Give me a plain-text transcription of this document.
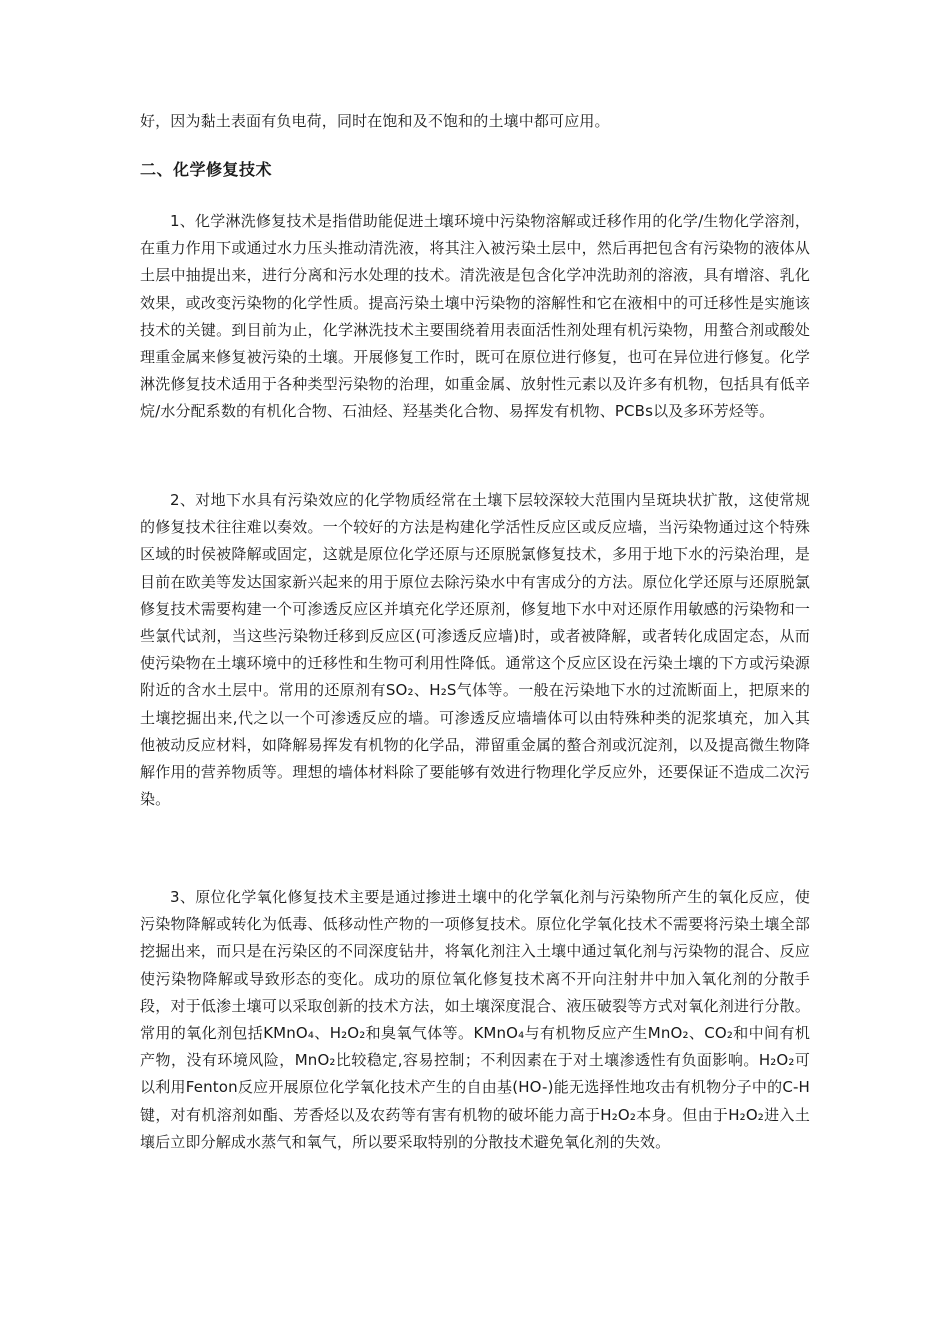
好，因为黏土表面有负电荷，同时在饱和及不饱和的土壤中都可应用。

二、化学修复技术

1、化学淋洗修复技术是指借助能促进土壤环境中污染物溶解或迁移作用的化学/生物化学溶剂，在重力作用下或通过水力压头推动清洗液，将其注入被污染土层中，然后再把包含有污染物的液体从土层中抽提出来，进行分离和污水处理的技术。清洗液是包含化学冲洗助剂的溶液，具有增溶、乳化效果，或改变污染物的化学性质。提高污染土壤中污染物的溶解性和它在液相中的可迁移性是实施该技术的关键。到目前为止，化学淋洗技术主要围绕着用表面活性剂处理有机污染物，用螯合剂或酸处理重金属来修复被污染的土壤。开展修复工作时，既可在原位进行修复，也可在异位进行修复。化学淋洗修复技术适用于各种类型污染物的治理，如重金属、放射性元素以及许多有机物，包括具有低辛烷/水分配系数的有机化合物、石油烃、羟基类化合物、易挥发有机物、PCBs以及多环芳烃等。

2、对地下水具有污染效应的化学物质经常在土壤下层较深较大范围内呈斑块状扩散，这使常规的修复技术往往难以奏效。一个较好的方法是构建化学活性反应区或反应墙，当污染物通过这个特殊区域的时侯被降解或固定，这就是原位化学还原与还原脱氯修复技术，多用于地下水的污染治理，是目前在欧美等发达国家新兴起来的用于原位去除污染水中有害成分的方法。原位化学还原与还原脱氯修复技术需要构建一个可渗透反应区并填充化学还原剂，修复地下水中对还原作用敏感的污染物和一些氯代试剂，当这些污染物迁移到反应区(可渗透反应墙)时，或者被降解，或者转化成固定态，从而使污染物在土壤环境中的迁移性和生物可利用性降低。通常这个反应区设在污染土壤的下方或污染源附近的含水土层中。常用的还原剂有SO₂、H₂S气体等。一般在污染地下水的过流断面上，把原来的土壤挖掘出来,代之以一个可渗透反应的墙。可渗透反应墙墙体可以由特殊种类的泥浆填充，加入其他被动反应材料，如降解易挥发有机物的化学品，滞留重金属的螯合剂或沉淀剂，以及提高微生物降解作用的营养物质等。理想的墙体材料除了要能够有效进行物理化学反应外，还要保证不造成二次污染。

3、原位化学氧化修复技术主要是通过掺进土壤中的化学氧化剂与污染物所产生的氧化反应，使污染物降解或转化为低毒、低移动性产物的一项修复技术。原位化学氧化技术不需要将污染土壤全部挖掘出来，而只是在污染区的不同深度钻井，将氧化剂注入土壤中通过氧化剂与污染物的混合、反应使污染物降解或导致形态的变化。成功的原位氧化修复技术离不开向注射井中加入氧化剂的分散手段，对于低渗土壤可以采取创新的技术方法，如土壤深度混合、液压破裂等方式对氧化剂进行分散。常用的氧化剂包括KMnO₄、H₂O₂和臭氧气体等。KMnO₄与有机物反应产生MnO₂、CO₂和中间有机产物，没有环境风险，MnO₂比较稳定,容易控制；不利因素在于对土壤渗透性有负面影响。H₂O₂可以利用Fenton反应开展原位化学氧化技术产生的自由基(HO-)能无选择性地攻击有机物分子中的C-H键，对有机溶剂如酯、芳香烃以及农药等有害有机物的破坏能力高于H₂O₂本身。但由于H₂O₂进入土壤后立即分解成水蒸气和氧气，所以要采取特别的分散技术避免氧化剂的失效。
